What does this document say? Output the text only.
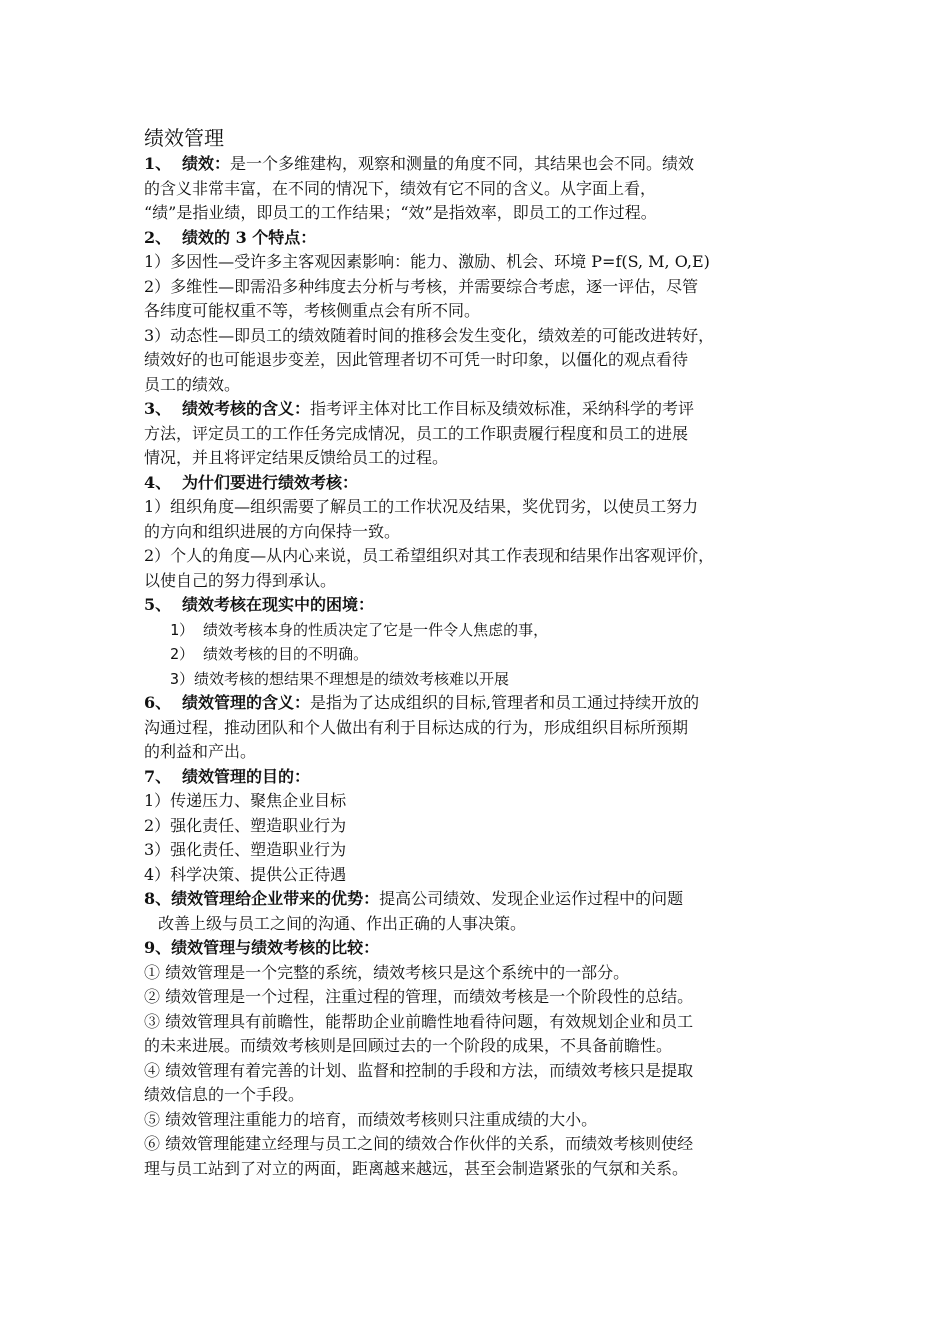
绩效管理

1、 绩效：是一个多维建构，观察和测量的角度不同，其结果也会不同。绩效

的含义非常丰富，在不同的情况下，绩效有它不同的含义。从字面上看，

“绩”是指业绩，即员工的工作结果；“效”是指效率，即员工的工作过程。

2、 绩效的 3 个特点：

1）多因性—受许多主客观因素影响：能力、激励、机会、环境 P=f(S, M, O,E)

2）多维性—即需沿多种纬度去分析与考核，并需要综合考虑，逐一评估，尽管

各纬度可能权重不等，考核侧重点会有所不同。

3）动态性—即员工的绩效随着时间的推移会发生变化，绩效差的可能改进转好，

绩效好的也可能退步变差，因此管理者切不可凭一时印象，以僵化的观点看待

员工的绩效。

3、 绩效考核的含义：指考评主体对比工作目标及绩效标准，采纳科学的考评

方法，评定员工的工作任务完成情况，员工的工作职责履行程度和员工的进展

情况，并且将评定结果反馈给员工的过程。

4、 为什们要进行绩效考核：

1）组织角度—组织需要了解员工的工作状况及结果，奖优罚劣，以使员工努力

的方向和组织进展的方向保持一致。

2）个人的角度—从内心来说，员工希望组织对其工作表现和结果作出客观评价，

以使自己的努力得到承认。

5、 绩效考核在现实中的困境：

1） 绩效考核本身的性质决定了它是一件令人焦虑的事，

2） 绩效考核的目的不明确。

3）绩效考核的想结果不理想是的绩效考核难以开展

6、 绩效管理的含义：是指为了达成组织的目标,管理者和员工通过持续开放的

沟通过程，推动团队和个人做出有利于目标达成的行为，形成组织目标所预期

的利益和产出。

7、 绩效管理的目的：

1）传递压力、聚焦企业目标

2）强化责任、塑造职业行为

3）强化责任、塑造职业行为

4）科学决策、提供公正待遇

8、绩效管理给企业带来的优势：提高公司绩效、发现企业运作过程中的问题

改善上级与员工之间的沟通、作出正确的人事决策。

9、绩效管理与绩效考核的比较：

① 绩效管理是一个完整的系统，绩效考核只是这个系统中的一部分。

② 绩效管理是一个过程，注重过程的管理，而绩效考核是一个阶段性的总结。

③ 绩效管理具有前瞻性，能帮助企业前瞻性地看待问题，有效规划企业和员工

的未来进展。而绩效考核则是回顾过去的一个阶段的成果，不具备前瞻性。

④ 绩效管理有着完善的计划、监督和控制的手段和方法，而绩效考核只是提取

绩效信息的一个手段。

⑤ 绩效管理注重能力的培育，而绩效考核则只注重成绩的大小。

⑥ 绩效管理能建立经理与员工之间的绩效合作伙伴的关系，而绩效考核则使经

理与员工站到了对立的两面，距离越来越远，甚至会制造紧张的气氛和关系。
